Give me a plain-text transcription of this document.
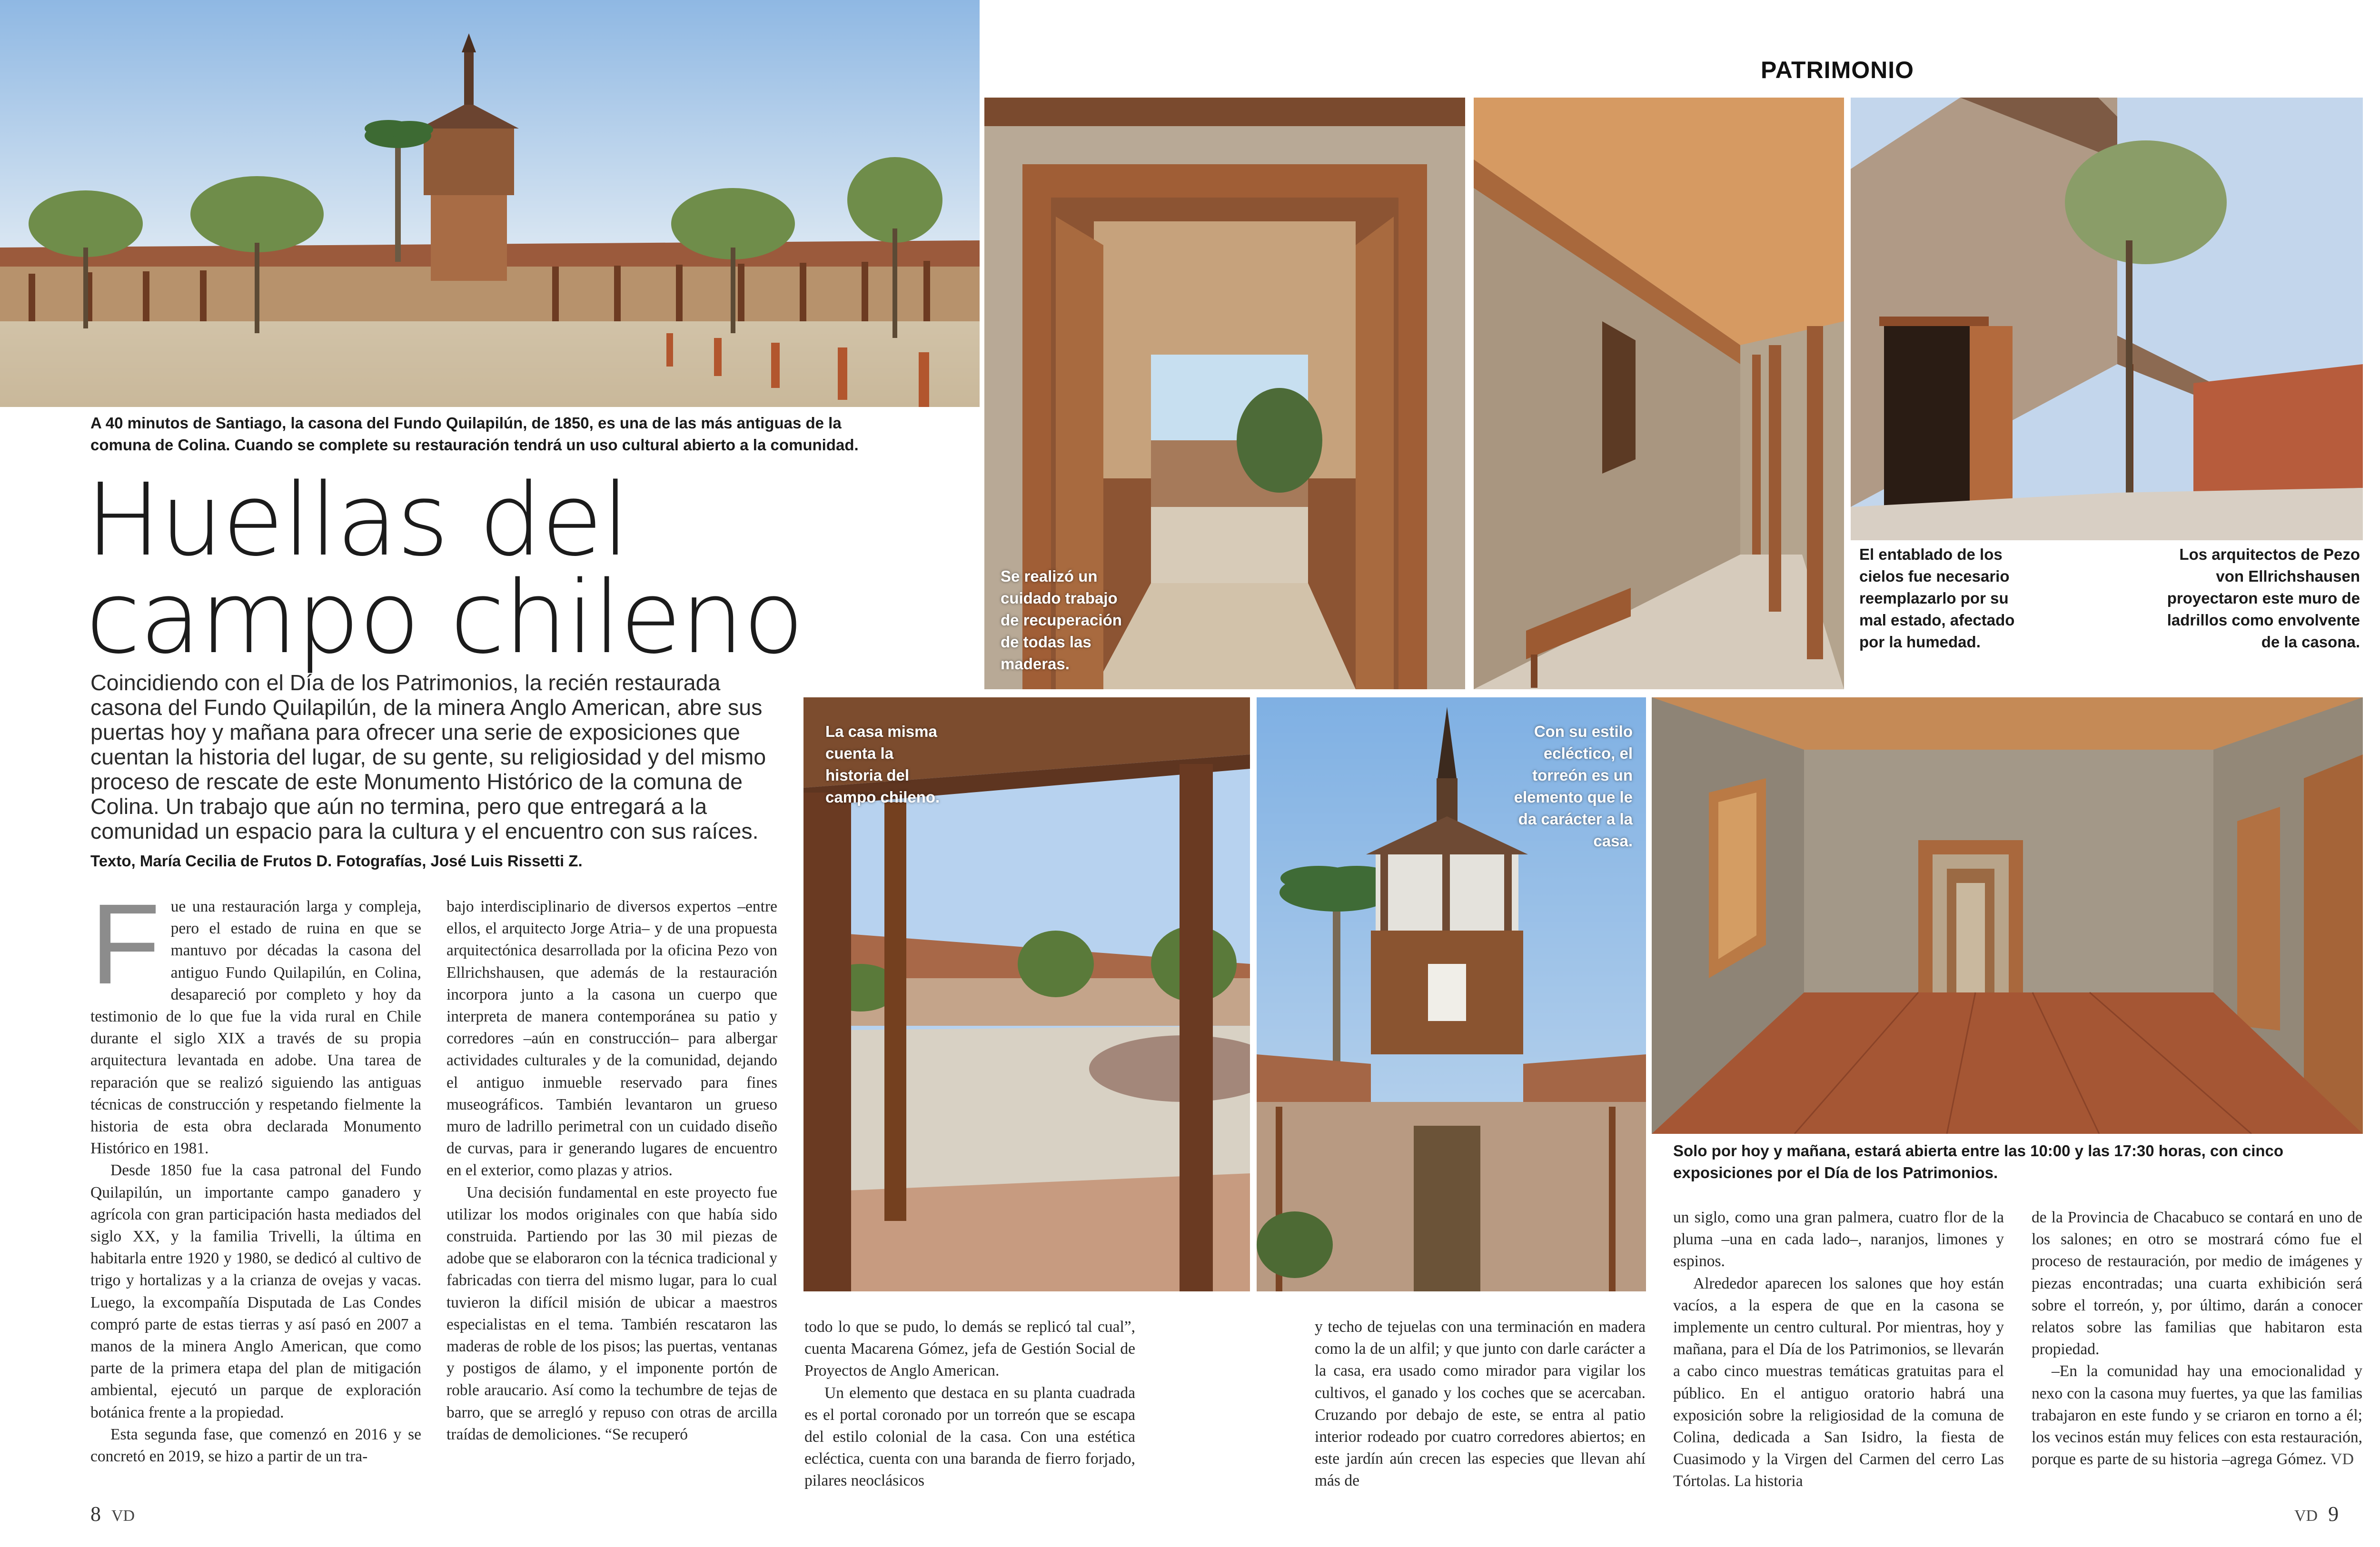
A 40 minutos de Santiago, la casona del Fundo Quilapilún, de 1850, es una de las más antiguas de la comuna de Colina. Cuando se complete su restauración tendrá un uso cultural abierto a la comunidad.
Se realizó un cuidado trabajo de recuperación de todas las maderas.
El entablado de los cielos fue necesario reemplazarlo por su mal estado, afectado por la humedad.
Los arquitectos de Pezo von Ellrichshausen proyectaron este muro de ladrillos como envolvente de la casona.
La casa misma cuenta la historia del campo chileno.
Con su estilo ecléctico, el torreón es un elemento que le da carácter a la casa.
Solo por hoy y mañana, estará abierta entre las 10:00 y las 17:30 horas, con cinco exposiciones por el Día de los Patrimonios.
PATRIMONIO
Huellas del
campo chileno
Coincidiendo con el Día de los Patrimonios, la recién restaurada casona del Fundo Quilapilún, de la minera Anglo American, abre sus puertas hoy y mañana para ofrecer una serie de exposiciones que cuentan la historia del lugar, de su gente, su religiosidad y del mismo proceso de rescate de este Monumento Histórico de la comuna de Colina. Un trabajo que aún no termina, pero que entregará a la comunidad un espacio para la cultura y el encuentro con sus raíces.
Texto, María Cecilia de Frutos D. Fotografías, José Luis Rissetti Z.

Fue una restauración larga y compleja, pero el estado de ruina en que se mantuvo por décadas la casona del antiguo Fundo Quilapilún, en Colina, desapareció por completo y hoy da testimonio de lo que fue la vida rural en Chile durante el siglo XIX a través de su propia arquitectura levantada en adobe. Una tarea de reparación que se realizó siguiendo las antiguas técnicas de construcción y respetando fielmente la historia de esta obra declarada Monumento Histórico en 1981.

Desde 1850 fue la casa patronal del Fundo Quilapilún, un importante campo ganadero y agrícola con gran participación hasta mediados del siglo XX, y la familia Trivelli, la última en habitarla entre 1920 y 1980, se dedicó al cultivo de trigo y hortalizas y a la crianza de ovejas y vacas. Luego, la excompañía Disputada de Las Condes compró parte de estas tierras y así pasó en 2007 a manos de la minera Anglo American, que como parte de la primera etapa del plan de mitigación ambiental, ejecutó un parque de exploración botánica frente a la propiedad.

Esta segunda fase, que comenzó en 2016 y se concretó en 2019, se hizo a partir de un tra-

bajo interdisciplinario de diversos expertos –entre ellos, el arquitecto Jorge Atria– y de una propuesta arquitectónica desarrollada por la oficina Pezo von Ellrichshausen, que además de la restauración incorpora junto a la casona un cuerpo que interpreta de manera contemporánea su patio y corredores –aún en construcción– para albergar actividades culturales y de la comunidad, dejando el antiguo inmueble reservado para fines museográficos. También levantaron un grueso muro de ladrillo perimetral con un cuidado diseño de curvas, para ir generando lugares de encuentro en el exterior, como plazas y atrios.

Una decisión fundamental en este proyecto fue utilizar los modos originales con que había sido construida. Partiendo por las 30 mil piezas de adobe que se elaboraron con la técnica tradicional y fabricadas con tierra del mismo lugar, para lo cual tuvieron la difícil misión de ubicar a maestros especialistas en el tema. También rescataron las maderas de roble de los pisos; las puertas, ventanas y postigos de álamo, y el imponente portón de roble araucario. Así como la techumbre de tejas de barro, que se arregló y repuso con otras de arcilla traídas de demoliciones. “Se recuperó

todo lo que se pudo, lo demás se replicó tal cual”, cuenta Macarena Gómez, jefa de Gestión Social de Proyectos de Anglo American.

Un elemento que destaca en su planta cuadrada es el portal coronado por un torreón que se escapa del estilo colonial de la casa. Con una estética ecléctica, cuenta con una baranda de fierro forjado, pilares neoclásicos

y techo de tejuelas con una terminación en madera como la de un alfil; y que junto con darle carácter a la casa, era usado como mirador para vigilar los cultivos, el ganado y los coches que se acercaban. Cruzando por debajo de este, se entra al patio interior rodeado por cuatro corredores abiertos; en este jardín aún crecen las especies que llevan ahí más de

un siglo, como una gran palmera, cuatro flor de la pluma –una en cada lado–, naranjos, limones y espinos.

Alrededor aparecen los salones que hoy están vacíos, a la espera de que en la casona se implemente un centro cultural. Por mientras, hoy y mañana, para el Día de los Patrimonios, se llevarán a cabo cinco muestras temáticas gratuitas para el público. En el antiguo oratorio habrá una exposición sobre la religiosidad de la comuna de Colina, dedicada a San Isidro, la fiesta de Cuasimodo y la Virgen del Carmen del cerro Las Tórtolas. La historia

de la Provincia de Chacabuco se contará en uno de los salones; en otro se mostrará cómo fue el proceso de restauración, por medio de imágenes y piezas encontradas; una cuarta exhibición será sobre el torreón, y, por último, darán a conocer relatos sobre las familias que habitaron esta propiedad.

–En la comunidad hay una emocionalidad y nexo con la casona muy fuertes, ya que las familias trabajaron en este fundo y se criaron en torno a él; los vecinos están muy felices con esta restauración, porque es parte de su historia –agrega Gómez. VD

8 VD	VD 9
